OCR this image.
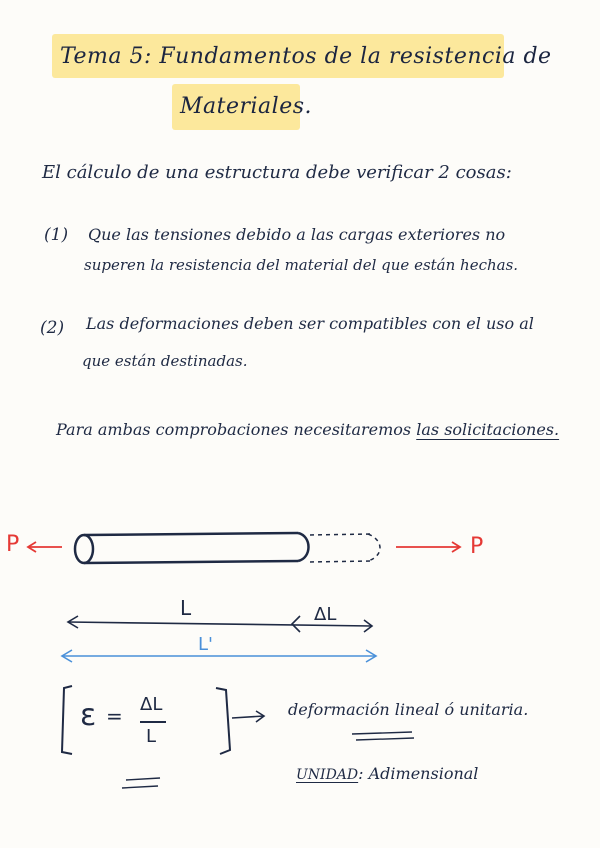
Tema 5: Fundamentos de la resistencia de
Materiales.
El cálculo de una estructura debe verificar 2 cosas:
(1) Que las tensiones debido a las cargas exteriores no
superen la resistencia del material del que están hechas.
(2) Las deformaciones deben ser compatibles con el uso al
que están destinadas.
Para ambas comprobaciones necesitaremos las solicitaciones.
P	P
L	ΔL
L'
ε = ΔL
L
deformación lineal ó unitaria.
UNIDAD: Adimensional
